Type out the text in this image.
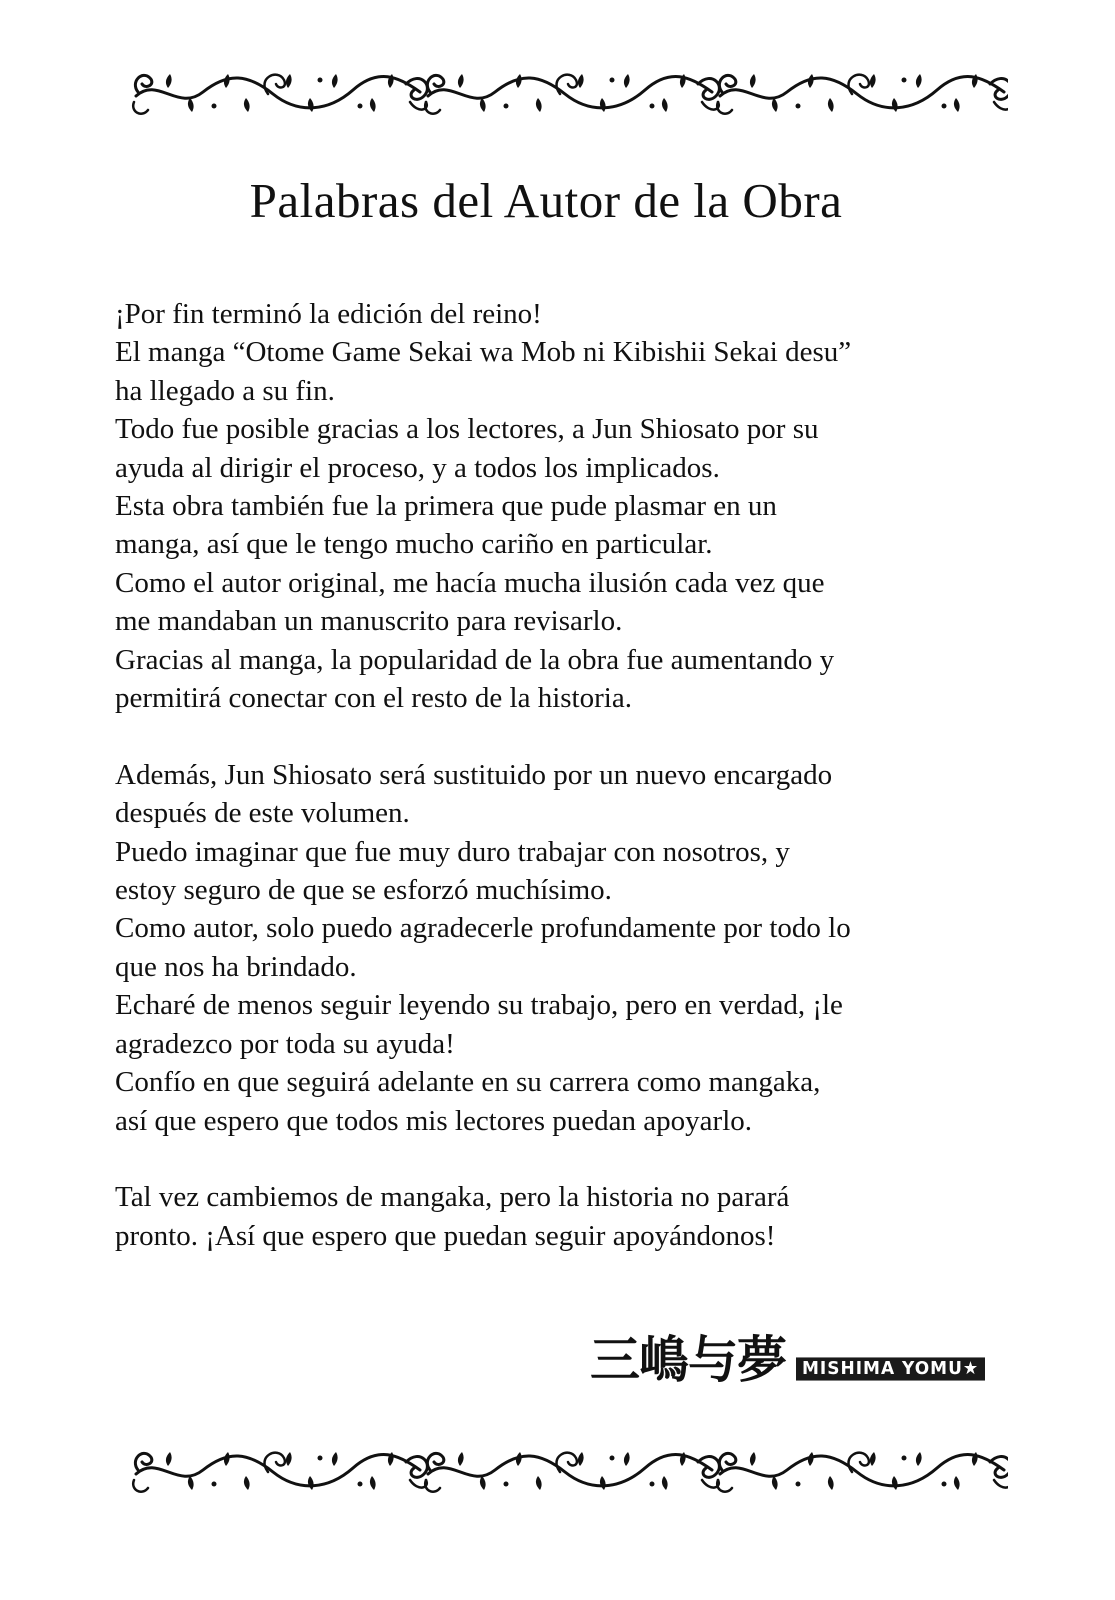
Palabras del Autor de la Obra

¡Por fin terminó la edición del reino!
El manga “Otome Game Sekai wa Mob ni Kibishii Sekai desu”
ha llegado a su fin.
Todo fue posible gracias a los lectores, a Jun Shiosato por su
ayuda al dirigir el proceso, y a todos los implicados.
Esta obra también fue la primera que pude plasmar en un
manga, así que le tengo mucho cariño en particular.
Como el autor original, me hacía mucha ilusión cada vez que
me mandaban un manuscrito para revisarlo.
Gracias al manga, la popularidad de la obra fue aumentando y
permitirá conectar con el resto de la historia.

Además, Jun Shiosato será sustituido por un nuevo encargado
después de este volumen.
Puedo imaginar que fue muy duro trabajar con nosotros, y
estoy seguro de que se esforzó muchísimo.
Como autor, solo puedo agradecerle profundamente por todo lo
que nos ha brindado.
Echaré de menos seguir leyendo su trabajo, pero en verdad, ¡le
agradezco por toda su ayuda!
Confío en que seguirá adelante en su carrera como mangaka,
así que espero que todos mis lectores puedan apoyarlo.

Tal vez cambiemos de mangaka, pero la historia no parará
pronto. ¡Así que espero que puedan seguir apoyándonos!

三嶋与夢 MISHIMA YOMU★
